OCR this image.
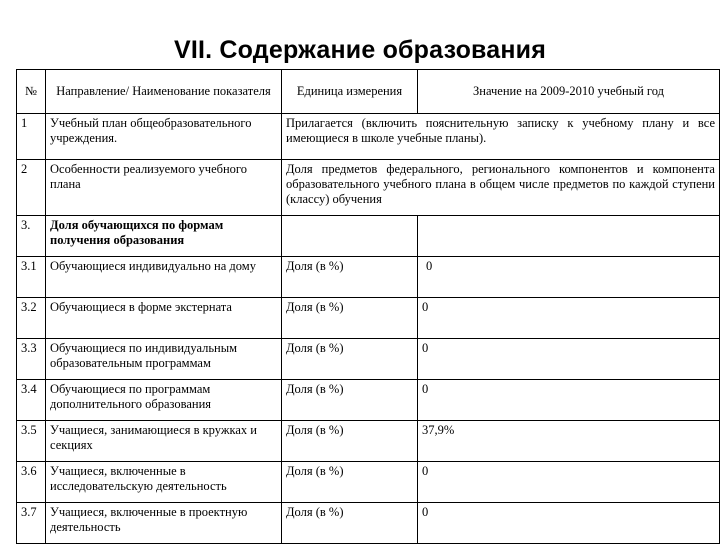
VII. Содержание образования
№	Направление/ Наименование показателя	Единица измерения	Значение на 2009-2010 учебный год
1	Учебный план общеобразовательного учреждения.	Прилагается (включить пояснительную записку к учебному плану и все имеющиеся в школе учебные планы).	
2	Особенности реализуемого учебного плана	Доля предметов федерального, регионального компонентов и компонента образовательного учебного плана в общем числе предметов по каждой ступени (классу) обучения	
3.	Доля обучающихся по формам получения образования		
3.1	Обучающиеся индивидуально на дому	Доля (в %)	0
3.2	Обучающиеся в форме экстерната	Доля (в %)	0
3.3	Обучающиеся по индивидуальным образовательным программам	Доля (в %)	0
3.4	Обучающиеся по программам дополнительного образования	Доля (в %)	0
3.5	Учащиеся, занимающиеся в кружках и секциях	Доля (в %)	37,9%
3.6	Учащиеся, включенные в исследовательскую деятельность	Доля (в %)	0
3.7	Учащиеся, включенные в проектную деятельность	Доля (в %)	0
